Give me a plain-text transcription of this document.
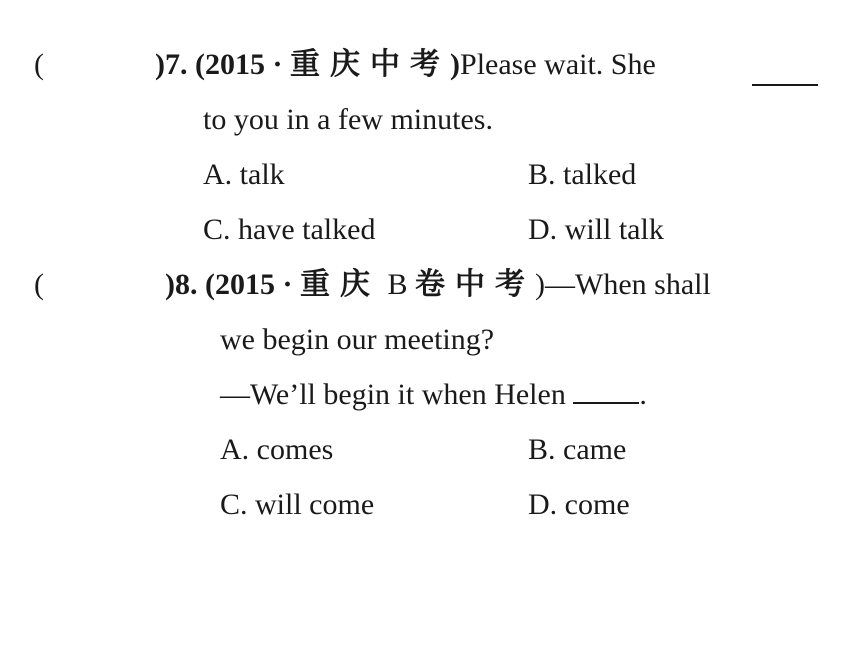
(	)7. (2015 · 重庆中考)Please wait. She
to you in a few minutes.
A. talk	B. talked
C. have talked	D. will talk
(	)8. (2015 · 重庆 B 卷中考)—When shall
we begin our meeting?
—We’ll begin it when Helen .
A. comes	B. came
C. will come	D. come
